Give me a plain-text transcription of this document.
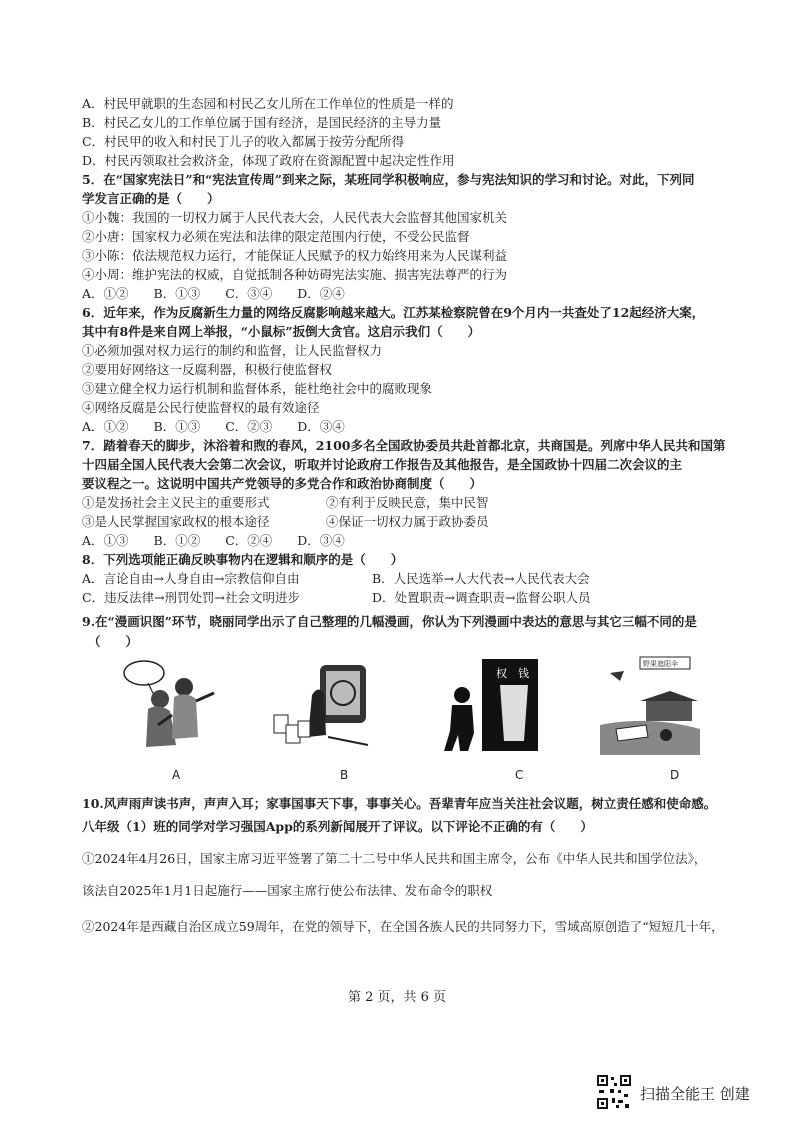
A．村民甲就职的生态园和村民乙女儿所在工作单位的性质是一样的
B．村民乙女儿的工作单位属于国有经济，是国民经济的主导力量
C．村民甲的收入和村民丁儿子的收入都属于按劳分配所得
D．村民丙领取社会救济金，体现了政府在资源配置中起决定性作用
5．在“国家宪法日”和“宪法宣传周”到来之际，某班同学积极响应，参与宪法知识的学习和讨论。对此，下列同
学发言正确的是（　　）
①小魏：我国的一切权力属于人民代表大会，人民代表大会监督其他国家机关
②小唐：国家权力必须在宪法和法律的限定范围内行使，不受公民监督
③小陈：依法规范权力运行，才能保证人民赋予的权力始终用来为人民谋利益
④小周：维护宪法的权威，自觉抵制各种妨碍宪法实施、损害宪法尊严的行为
A．①②　　B．①③　　C．③④　　D．②④
6．近年来，作为反腐新生力量的网络反腐影响越来越大。江苏某检察院曾在9个月内一共查处了12起经济大案，
其中有8件是来自网上举报，“小鼠标”扳倒大贪官。这启示我们（　　）
①必须加强对权力运行的制约和监督，让人民监督权力
②要用好网络这一反腐利器，积极行使监督权
③建立健全权力运行机制和监督体系，能杜绝社会中的腐败现象
④网络反腐是公民行使监督权的最有效途径
A．①②　　B．①③　　C．②③　　D．③④
7．踏着春天的脚步，沐浴着和煦的春风，2100多名全国政协委员共赴首都北京，共商国是。列席中华人民共和国第
十四届全国人民代表大会第二次会议，听取并讨论政府工作报告及其他报告，是全国政协十四届二次会议的主
要议程之一。这说明中国共产党领导的多党合作和政治协商制度（　　）
①是发扬社会主义民主的重要形式	②有利于反映民意，集中民智
③是人民掌握国家政权的根本途径	④保证一切权力属于政协委员
A．①③　　B．①②　　C．②④　　D．③④
8．下列选项能正确反映事物内在逻辑和顺序的是（　　）
A．言论自由→人身自由→宗教信仰自由	B．人民选举→人大代表→人民代表大会
C．违反法律→刑罚处罚→社会文明进步	D．处置职责→调查职责→监督公职人员
9.在“漫画识图”环节，晓丽同学出示了自己整理的几幅漫画，你认为下列漫画中表达的意思与其它三幅不同的是
（　　）
权 钱
野果遮阳伞
A	B	C	D
10.风声雨声读书声，声声入耳；家事国事天下事，事事关心。吾辈青年应当关注社会议题，树立责任感和使命感。
八年级（1）班的同学对学习强国App的系列新闻展开了评议。以下评论不正确的有（　　）
①2024年4月26日，国家主席习近平签署了第二十二号中华人民共和国主席令，公布《中华人民共和国学位法》，
该法自2025年1月1日起施行——国家主席行使公布法律、发布命令的职权
②2024年是西藏自治区成立59周年，在党的领导下，在全国各族人民的共同努力下，雪域高原创造了“短短几十年，
第 2 页，共 6 页
扫描全能王 创建
